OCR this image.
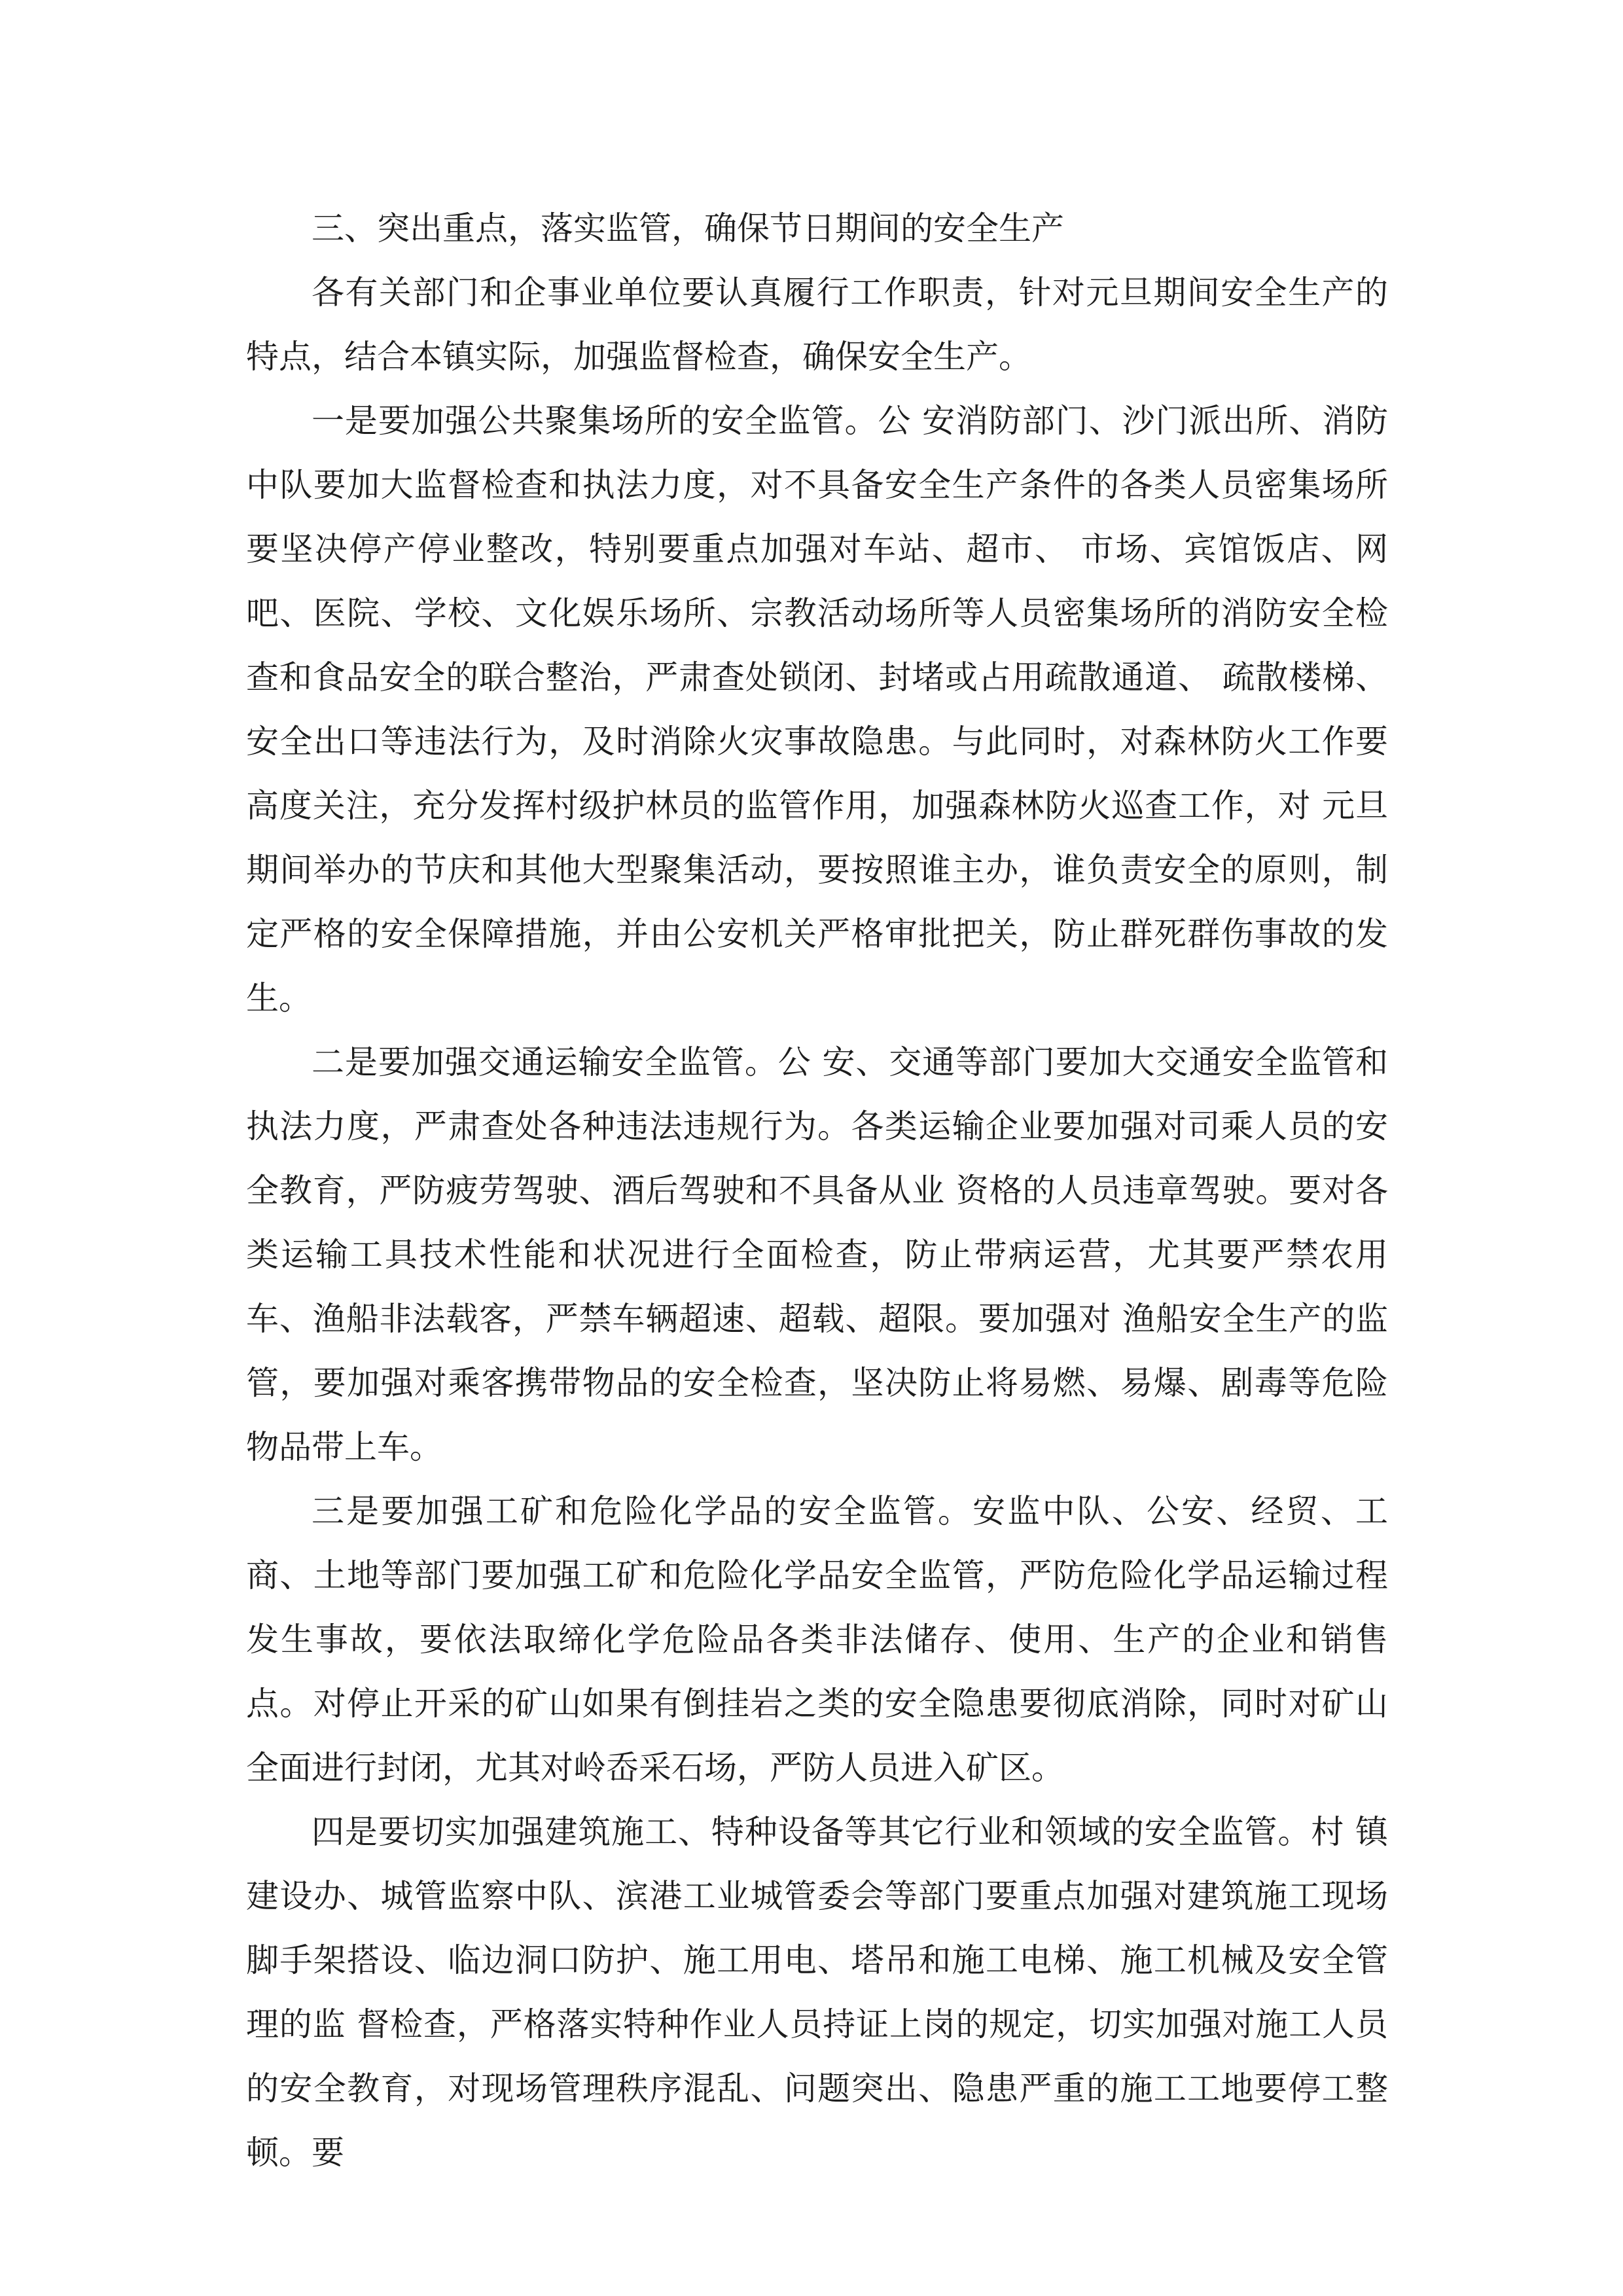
三、突出重点，落实监管，确保节日期间的安全生产

各有关部门和企事业单位要认真履行工作职责，针对元旦期间安全生产的特点，结合本镇实际，加强监督检查，确保安全生产。

一是要加强公共聚集场所的安全监管。公 安消防部门、沙门派出所、消防中队要加大监督检查和执法力度，对不具备安全生产条件的各类人员密集场所要坚决停产停业整改，特别要重点加强对车站、超市、 市场、宾馆饭店、网吧、医院、学校、文化娱乐场所、宗教活动场所等人员密集场所的消防安全检查和食品安全的联合整治，严肃查处锁闭、封堵或占用疏散通道、 疏散楼梯、安全出口等违法行为，及时消除火灾事故隐患。与此同时，对森林防火工作要高度关注，充分发挥村级护林员的监管作用，加强森林防火巡查工作，对 元旦期间举办的节庆和其他大型聚集活动，要按照谁主办，谁负责安全的原则，制定严格的安全保障措施，并由公安机关严格审批把关，防止群死群伤事故的发生。

二是要加强交通运输安全监管。公 安、交通等部门要加大交通安全监管和执法力度，严肃查处各种违法违规行为。各类运输企业要加强对司乘人员的安全教育，严防疲劳驾驶、酒后驾驶和不具备从业 资格的人员违章驾驶。要对各类运输工具技术性能和状况进行全面检查，防止带病运营，尤其要严禁农用车、渔船非法载客，严禁车辆超速、超载、超限。要加强对 渔船安全生产的监管，要加强对乘客携带物品的安全检查，坚决防止将易燃、易爆、剧毒等危险物品带上车。

三是要加强工矿和危险化学品的安全监管。安监中队、公安、经贸、工商、土地等部门要加强工矿和危险化学品安全监管，严防危险化学品运输过程发生事故，要依法取缔化学危险品各类非法储存、使用、生产的企业和销售点。对停止开采的矿山如果有倒挂岩之类的安全隐患要彻底消除，同时对矿山全面进行封闭，尤其对岭岙采石场，严防人员进入矿区。

四是要切实加强建筑施工、特种设备等其它行业和领域的安全监管。村 镇建设办、城管监察中队、滨港工业城管委会等部门要重点加强对建筑施工现场脚手架搭设、临边洞口防护、施工用电、塔吊和施工电梯、施工机械及安全管理的监 督检查，严格落实特种作业人员持证上岗的规定，切实加强对施工人员的安全教育，对现场管理秩序混乱、问题突出、隐患严重的施工工地要停工整顿。要
